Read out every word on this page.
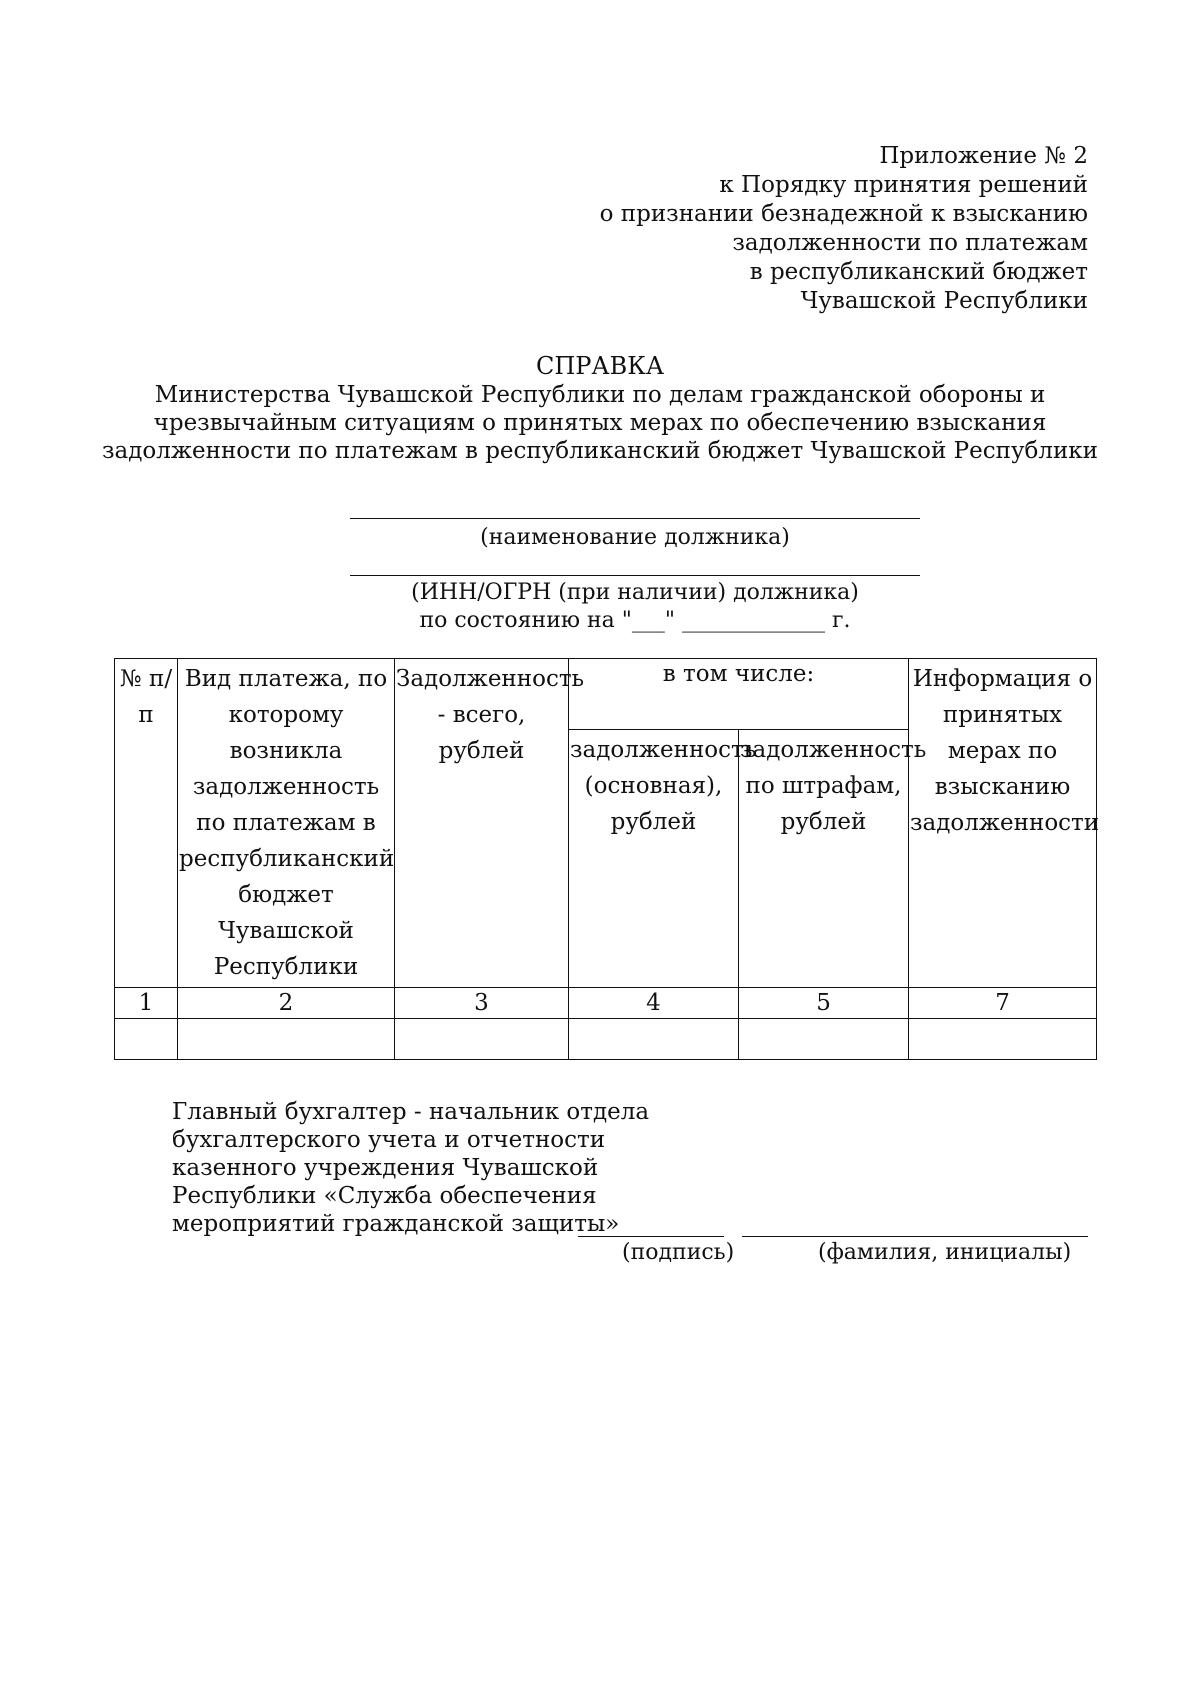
Приложение № 2
к Порядку принятия решений
о признании безнадежной к взысканию
задолженности по платежам
в республиканский бюджет
Чувашской Республики
СПРАВКА
Министерства Чувашской Республики по делам гражданской обороны и
чрезвычайным ситуациям о принятых мерах по обеспечению взыскания
задолженности по платежам в республиканский бюджет Чувашской Республики
(наименование должника)
(ИНН/ОГРН (при наличии) должника)
по состоянию на "___" _____________ г.
№ п/п	Вид платежа, по которому возникла задолженность по платежам в республиканский бюджет Чувашской Республики	Задолженность - всего, рублей	в том числе:		Информация о принятых мерах по взысканию задолженности
			задолженность (основная), рублей	задолженность по штрафам, рублей	
1	2	3	4	5	7

Главный бухгалтер - начальник отдела
бухгалтерского учета и отчетности
казенного учреждения Чувашской
Республики «Служба обеспечения
мероприятий гражданской защиты»
(подпись)	(фамилия, инициалы)
